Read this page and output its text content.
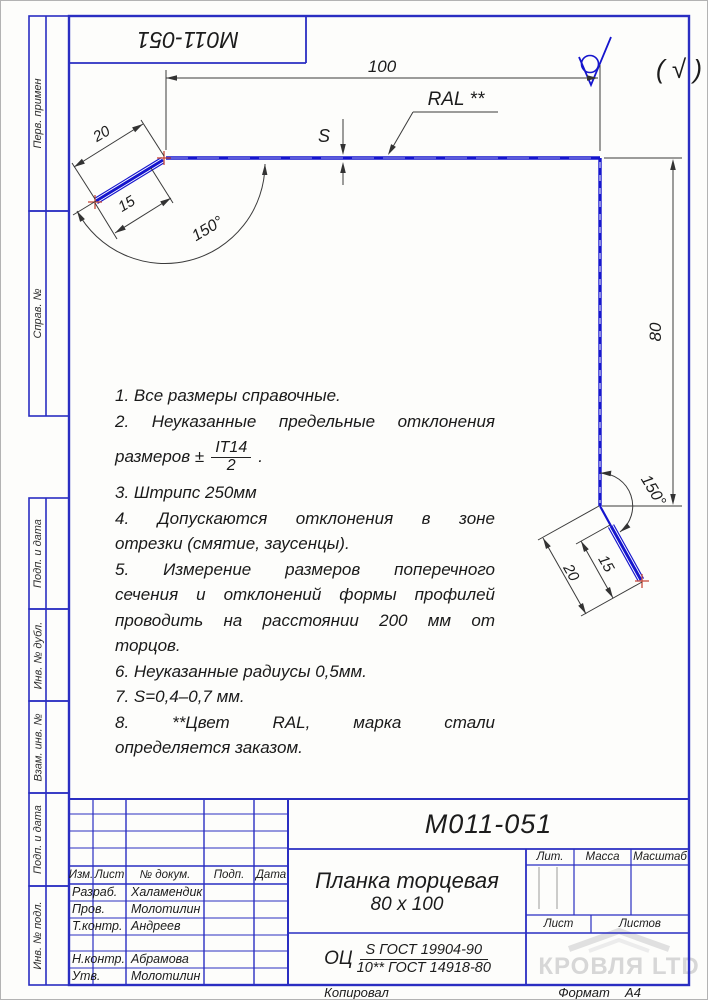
КРОВЛЯ LTD
100
S
RAL **
80
150°
150°
20
15
15
20
( √ )
М011-051
Перв. примен
Справ. №
Подп. и дата
Инв. № дубл.
Взам. инв. №
Подп. и дата
Инв. № подл.
1. Все размеры справочные.
2. Неуказанные предельные отклонения
размеров ± $\frac{IT14}{2}$ .
3. Штрипс 250мм
4. Допускаются отклонения в зоне
отрезки (смятие, заусенцы).
5. Измерение размеров поперечного
сечения и отклонений формы профилей
проводить на расстоянии 200 мм от
торцов.
6. Неуказанные радиусы 0,5мм.
7. S=0,4–0,7 мм.
8. **Цвет RAL, марка стали
определяется заказом.
Изм. Лист	№ докум.	Подп.	Дата
Разраб.	Халамендик
Пров.	Молотилин
Т.контр. Андреев
Н.контр. Абрамова
Утв.	Молотилин
М011-051
Планка торцевая
80 х 100
Лит.	Масса	Масштаб
Лист	Листов
ОЦ S ГОСТ 19904-90
10** ГОСТ 14918-80
Копировал	Формат	А4
